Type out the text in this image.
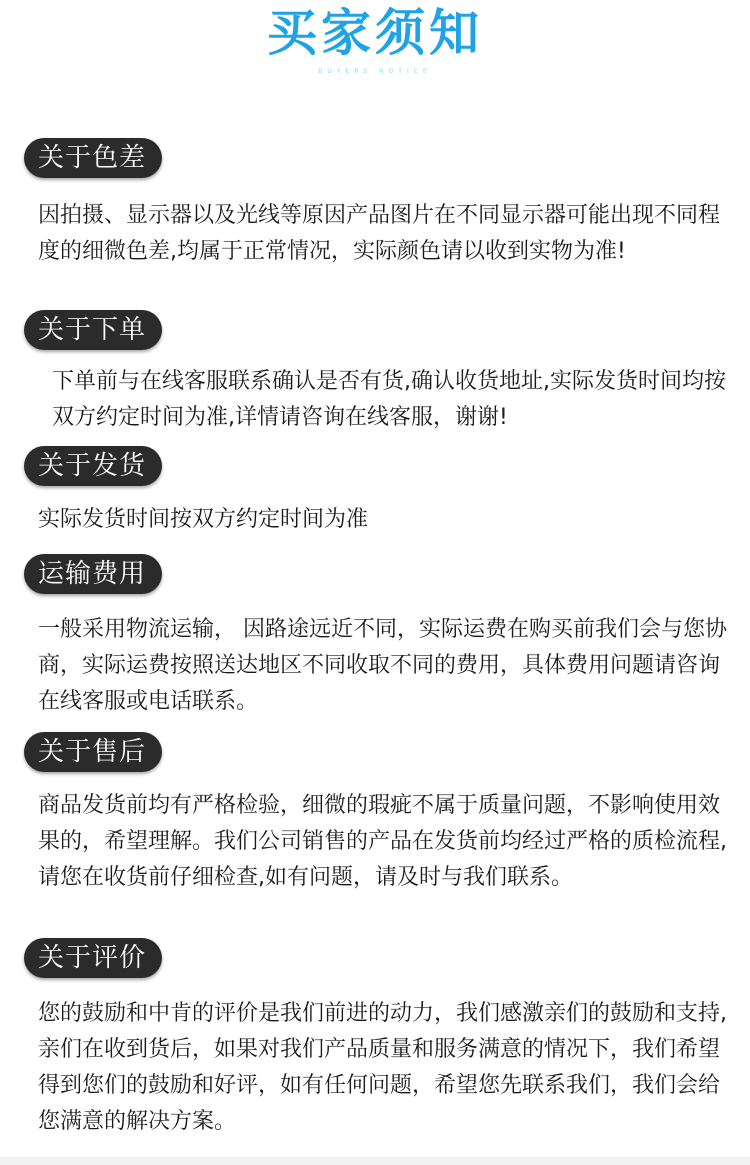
买家须知
BUYERS NOTICE
关于色差
因拍摄、显示器以及光线等原因产品图片在不同显示器可能出现不同程度的细微色差,均属于正常情况，实际颜色请以收到实物为准!
关于下单
下单前与在线客服联系确认是否有货,确认收货地址,实际发货时间均按双方约定时间为准,详情请咨询在线客服，谢谢!
关于发货
实际发货时间按双方约定时间为准
运输费用
一般采用物流运输， 因路途远近不同，实际运费在购买前我们会与您协商，实际运费按照送达地区不同收取不同的费用，具体费用问题请咨询在线客服或电话联系。
关于售后
商品发货前均有严格检验，细微的瑕疵不属于质量问题，不影响使用效果的，希望理解。我们公司销售的产品在发货前均经过严格的质检流程,请您在收货前仔细检查,如有问题，请及时与我们联系。
关于评价
您的鼓励和中肯的评价是我们前进的动力，我们感激亲们的鼓励和支持,亲们在收到货后，如果对我们产品质量和服务满意的情况下，我们希望得到您们的鼓励和好评，如有任何问题，希望您先联系我们，我们会给您满意的解决方案。
